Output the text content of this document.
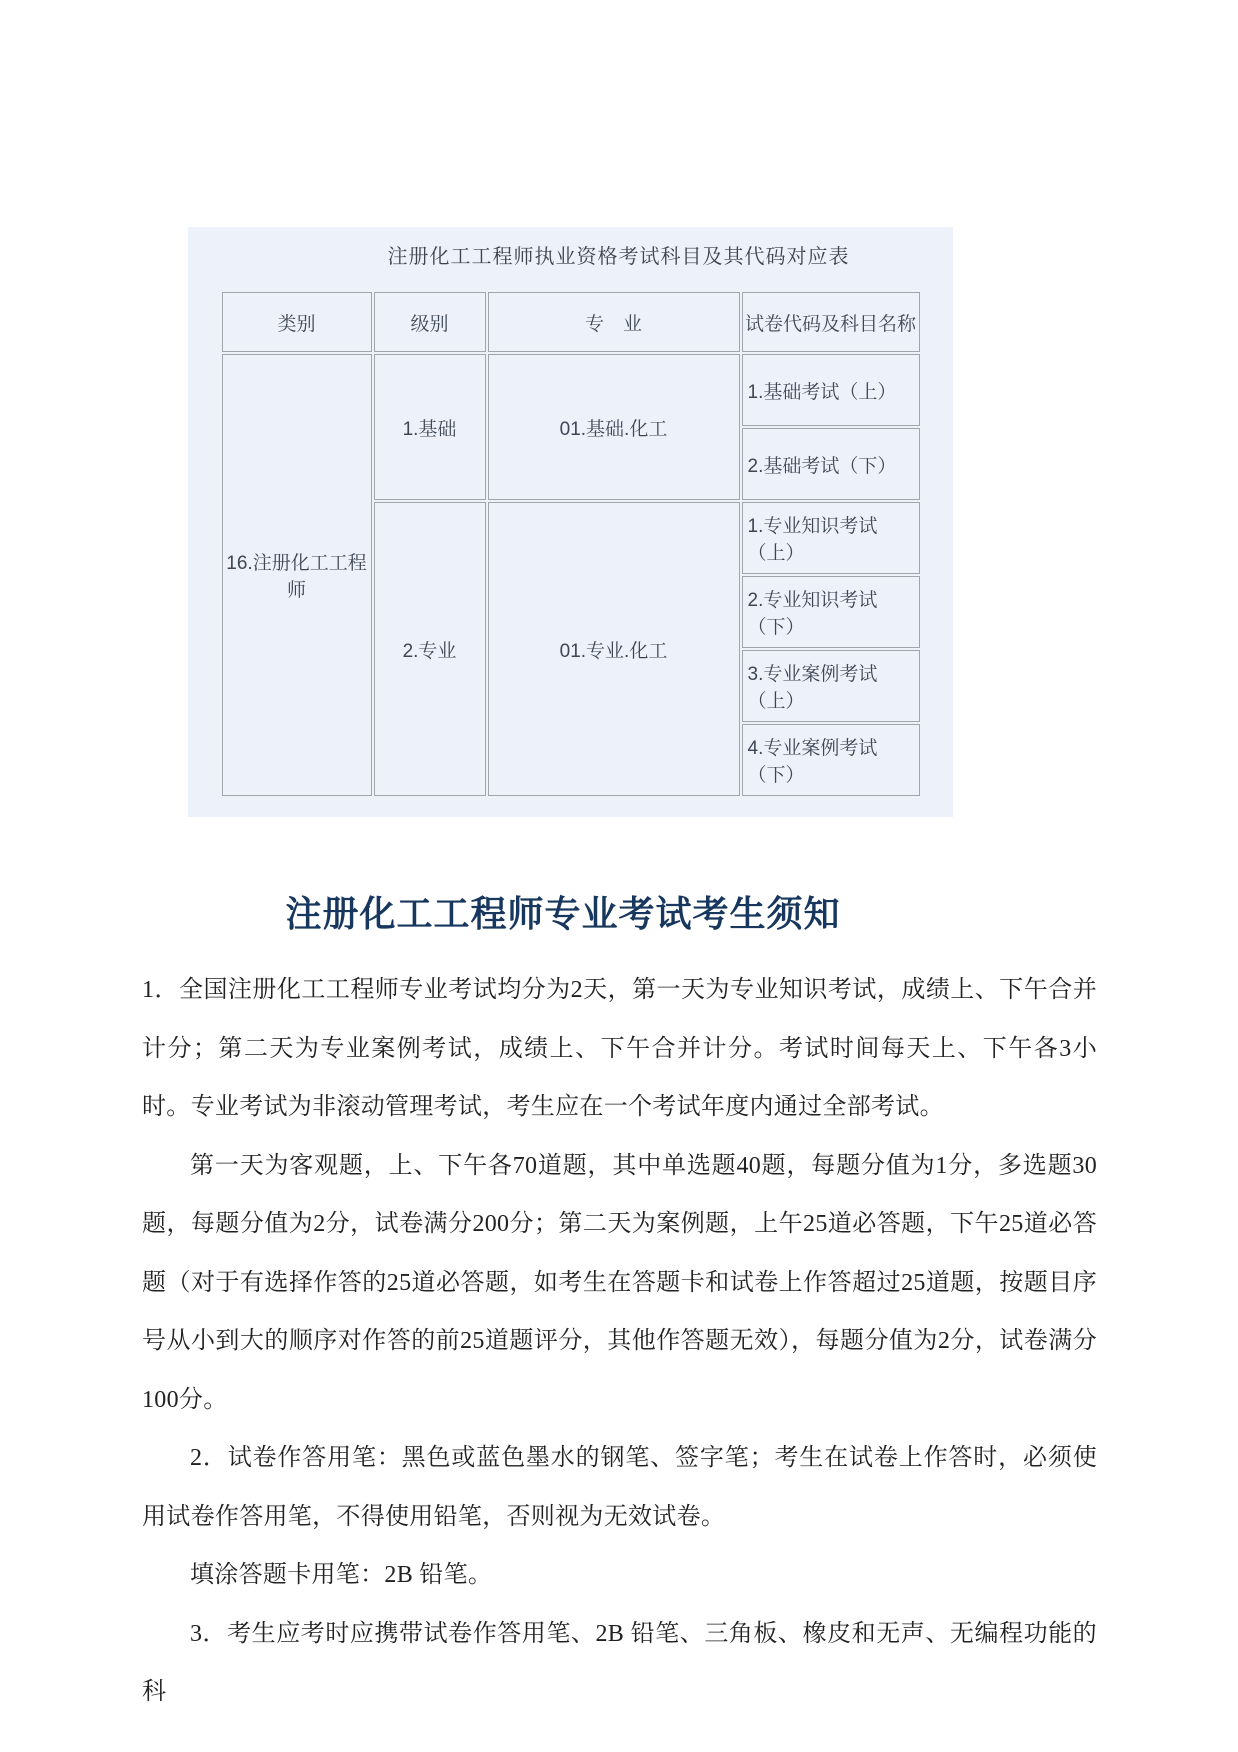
注册化工工程师执业资格考试科目及其代码对应表
类别	级别	专　业	试卷代码及科目名称
16.注册化工工程师	1.基础	01.基础.化工	1.基础考试（上）
			2.基础考试（下）
	2.专业	01.专业.化工	1.专业知识考试（上）
			2.专业知识考试（下）
			3.专业案例考试（上）
			4.专业案例考试（下）
注册化工工程师专业考试考生须知

1．全国注册化工工程师专业考试均分为2天，第一天为专业知识考试，成绩上、下午合并计分；第二天为专业案例考试，成绩上、下午合并计分。考试时间每天上、下午各3小时。专业考试为非滚动管理考试，考生应在一个考试年度内通过全部考试。

第一天为客观题，上、下午各70道题，其中单选题40题，每题分值为1分，多选题30题，每题分值为2分，试卷满分200分；第二天为案例题，上午25道必答题，下午25道必答题（对于有选择作答的25道必答题，如考生在答题卡和试卷上作答超过25道题，按题目序号从小到大的顺序对作答的前25道题评分，其他作答题无效），每题分值为2分，试卷满分100分。

2．试卷作答用笔：黑色或蓝色墨水的钢笔、签字笔；考生在试卷上作答时，必须使用试卷作答用笔，不得使用铅笔，否则视为无效试卷。

填涂答题卡用笔：2B 铅笔。

3．考生应考时应携带试卷作答用笔、2B 铅笔、三角板、橡皮和无声、无编程功能的科
